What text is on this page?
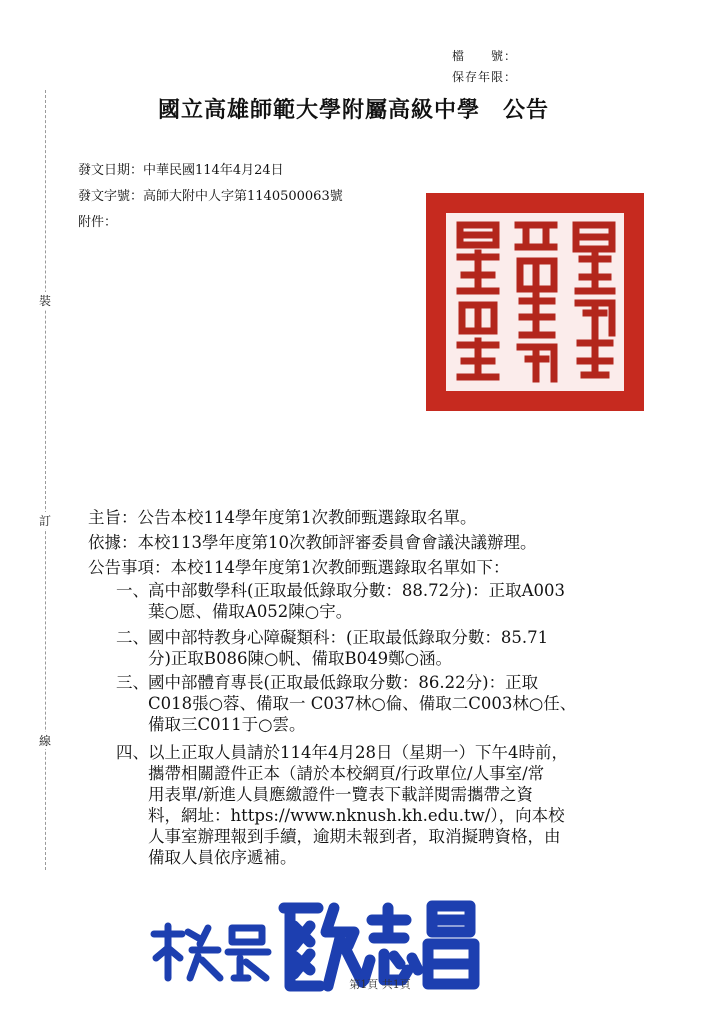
檔　　號：
保存年限：
國立高雄師範大學附屬高級中學　公告
發文日期：中華民國114年4月24日
發文字號：高師大附中人字第1140500063號
附件：
裝
訂
線
主旨：公告本校114學年度第1次教師甄選錄取名單。
依據：本校113學年度第10次教師評審委員會會議決議辦理。
公告事項：本校114學年度第1次教師甄選錄取名單如下：
一、 高中部數學科(正取最低錄取分數：88.72分)：正取A003
葉○愿、備取A052陳○宇。
二、 國中部特教身心障礙類科：(正取最低錄取分數：85.71
分)正取B086陳○帆、備取B049鄭○涵。
三、 國中部體育專長(正取最低錄取分數：86.22分)：正取
C018張○蓉、備取一 C037林○倫、備取二C003林○任、
備取三C011于○雲。
四、 以上正取人員請於114年4月28日（星期一）下午4時前，
攜帶相關證件正本（請於本校網頁/行政單位/人事室/常
用表單/新進人員應繳證件一覽表下載詳閱需攜帶之資
料，網址：https://www.nknush.kh.edu.tw/），向本校
人事室辦理報到手續，逾期未報到者，取消擬聘資格，由
備取人員依序遞補。
第1頁 共1頁
